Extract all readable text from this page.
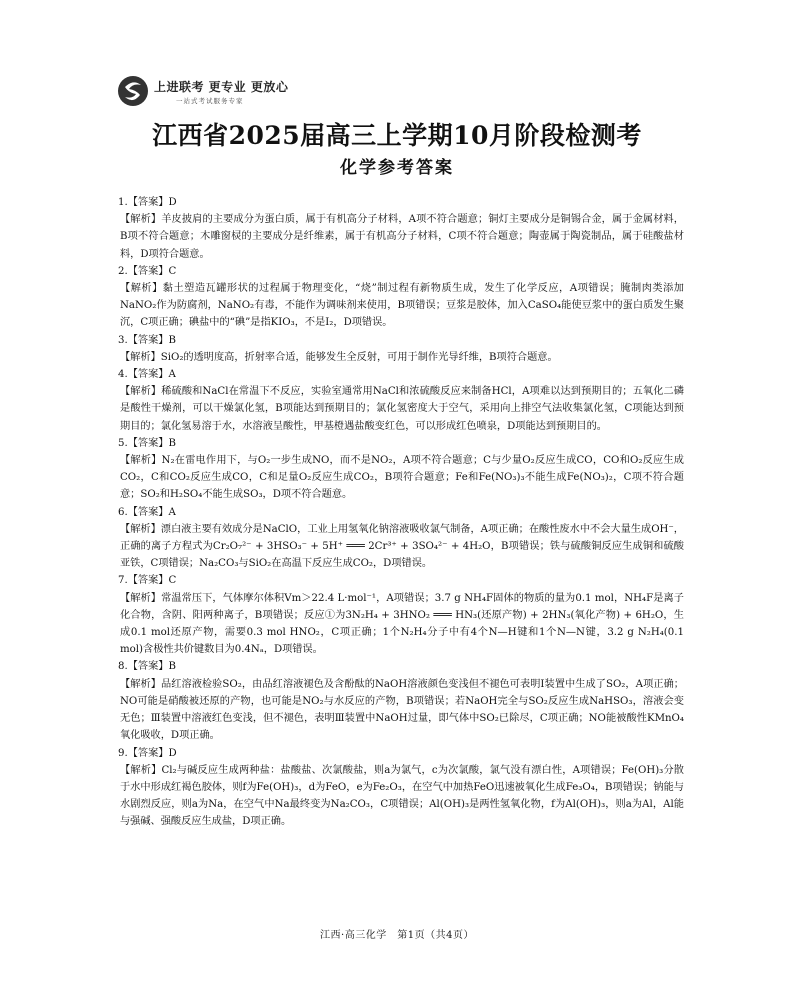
上进联考 更专业 更放心
一站式考试服务专家
江西省2025届高三上学期10月阶段检测考
化学参考答案
1.【答案】D

【解析】羊皮披肩的主要成分为蛋白质，属于有机高分子材料，A项不符合题意；铜灯主要成分是铜锡合金，属于金属材料，B项不符合题意；木雕窗棂的主要成分是纤维素，属于有机高分子材料，C项不符合题意；陶壶属于陶瓷制品，属于硅酸盐材料，D项符合题意。

2.【答案】C

【解析】黏土塑造瓦罐形状的过程属于物理变化，“烧”制过程有新物质生成，发生了化学反应，A项错误；腌制肉类添加NaNO₂作为防腐剂，NaNO₂有毒，不能作为调味剂来使用，B项错误；豆浆是胶体，加入CaSO₄能使豆浆中的蛋白质发生聚沉，C项正确；碘盐中的“碘”是指KIO₃，不是I₂，D项错误。

3.【答案】B

【解析】SiO₂的透明度高，折射率合适，能够发生全反射，可用于制作光导纤维，B项符合题意。

4.【答案】A

【解析】稀硫酸和NaCl在常温下不反应，实验室通常用NaCl和浓硫酸反应来制备HCl，A项难以达到预期目的；五氧化二磷是酸性干燥剂，可以干燥氯化氢，B项能达到预期目的；氯化氢密度大于空气，采用向上排空气法收集氯化氢，C项能达到预期目的；氯化氢易溶于水，水溶液呈酸性，甲基橙遇盐酸变红色，可以形成红色喷泉，D项能达到预期目的。

5.【答案】B

【解析】N₂在雷电作用下，与O₂一步生成NO，而不是NO₂，A项不符合题意；C与少量O₂反应生成CO，CO和O₂反应生成CO₂，C和CO₂反应生成CO，C和足量O₂反应生成CO₂，B项符合题意；Fe和Fe(NO₃)₃不能生成Fe(NO₃)₂，C项不符合题意；SO₂和H₂SO₄不能生成SO₃，D项不符合题意。

6.【答案】A

【解析】漂白液主要有效成分是NaClO，工业上用氢氧化钠溶液吸收氯气制备，A项正确；在酸性废水中不会大量生成OH⁻，正确的离子方程式为Cr₂O₇²⁻ + 3HSO₃⁻ + 5H⁺ ═══ 2Cr³⁺ + 3SO₄²⁻ + 4H₂O，B项错误；铁与硫酸铜反应生成铜和硫酸亚铁，C项错误；Na₂CO₃与SiO₂在高温下反应生成CO₂，D项错误。

7.【答案】C

【解析】常温常压下，气体摩尔体积Vm＞22.4 L·mol⁻¹，A项错误；3.7 g NH₄F固体的物质的量为0.1 mol，NH₄F是离子化合物，含阴、阳两种离子，B项错误；反应①为3N₂H₄ + 3HNO₂ ═══ HN₃(还原产物) + 2HN₃(氧化产物) + 6H₂O，生成0.1 mol还原产物，需要0.3 mol HNO₂，C项正确；1个N₂H₄分子中有4个N—H键和1个N—N键，3.2 g N₂H₄(0.1 mol)含极性共价键数目为0.4Nₐ，D项错误。

8.【答案】B

【解析】品红溶液检验SO₂，由品红溶液褪色及含酚酞的NaOH溶液颜色变浅但不褪色可表明Ⅰ装置中生成了SO₂，A项正确；NO可能是硝酸被还原的产物，也可能是NO₂与水反应的产物，B项错误；若NaOH完全与SO₂反应生成NaHSO₃，溶液会变无色；Ⅲ装置中溶液红色变浅，但不褪色，表明Ⅲ装置中NaOH过量，即气体中SO₂已除尽，C项正确；NO能被酸性KMnO₄氧化吸收，D项正确。

9.【答案】D

【解析】Cl₂与碱反应生成两种盐：盐酸盐、次氯酸盐，则a为氯气，c为次氯酸，氯气没有漂白性，A项错误；Fe(OH)₃分散于水中形成红褐色胶体，则f为Fe(OH)₃，d为FeO，e为Fe₂O₃，在空气中加热FeO迅速被氧化生成Fe₃O₄，B项错误；钠能与水剧烈反应，则a为Na，在空气中Na最终变为Na₂CO₃，C项错误；Al(OH)₃是两性氢氧化物，f为Al(OH)₃，则a为Al，Al能与强碱、强酸反应生成盐，D项正确。

江西·高三化学　第1页（共4页）
